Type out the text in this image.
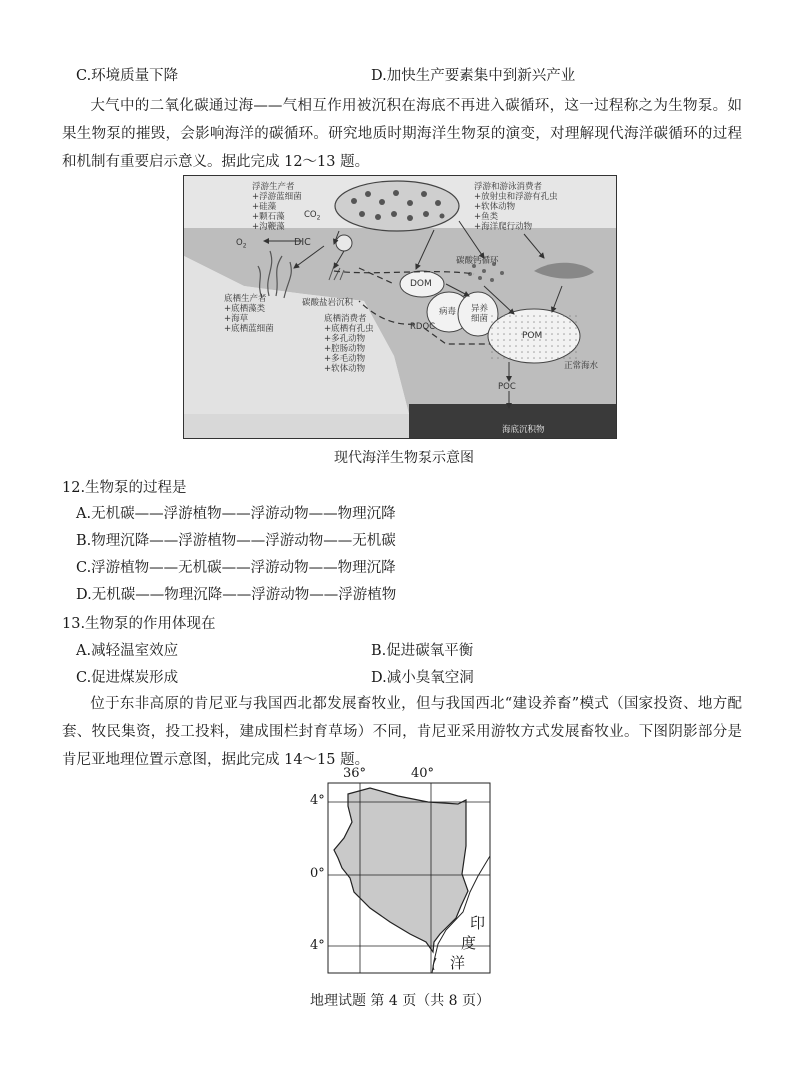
C.环境质量下降	D.加快生产要素集中到新兴产业
大气中的二氧化碳通过海——气相互作用被沉积在海底不再进入碳循环，这一过程称之为生物泵。如果生物泵的摧毁，会影响海洋的碳循环。研究地质时期海洋生物泵的演变，对理解现代海洋碳循环的过程和机制有重要启示意义。据此完成 12～13 题。
浮游生产者
+浮游蓝细菌
+硅藻
+颗石藻
+沟鞭藻
$CO_2$
浮游和游泳消费者
+放射虫和浮游有孔虫
+软体动物
+鱼类
+海洋爬行动物
$O_2$	DIC
碳酸钙循环
DOM
病毒 异养
细菌
底栖生产者
+底栖藻类
+海草
+底栖蓝细菌
碳酸盐岩沉积
底栖消费者
+底栖有孔虫
+多孔动物
+腔肠动物
+多毛动物
+软体动物
RDOC
POM
正常海水
POC
海底沉积物
现代海洋生物泵示意图
12.生物泵的过程是
A.无机碳——浮游植物——浮游动物——物理沉降
B.物理沉降——浮游植物——浮游动物——无机碳
C.浮游植物——无机碳——浮游动物——物理沉降
D.无机碳——物理沉降——浮游动物——浮游植物
13.生物泵的作用体现在
A.减轻温室效应	B.促进碳氧平衡
C.促进煤炭形成	D.减小臭氧空洞
位于东非高原的肯尼亚与我国西北都发展畜牧业，但与我国西北“建设养畜”模式（国家投资、地方配套、牧民集资，投工投料，建成围栏封育草场）不同，肯尼亚采用游牧方式发展畜牧业。下图阴影部分是肯尼亚地理位置示意图，据此完成 14～15 题。
36°	40°
4°
0°
4°
印
度
洋
地理试题 第 4 页（共 8 页）
